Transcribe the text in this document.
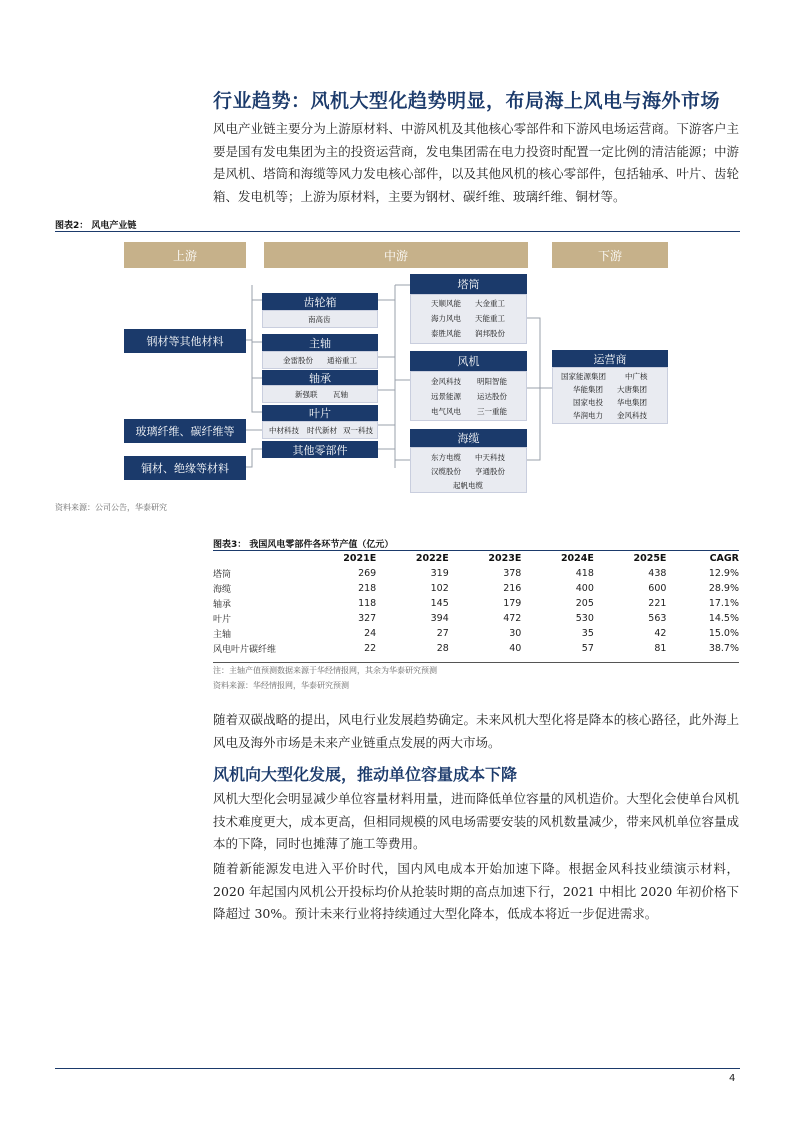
行业趋势：风机大型化趋势明显，布局海上风电与海外市场
风电产业链主要分为上游原材料、中游风机及其他核心零部件和下游风电场运营商。下游客户主要是国有发电集团为主的投资运营商，发电集团需在电力投资时配置一定比例的清洁能源；中游是风机、塔筒和海缆等风力发电核心部件，以及其他风机的核心零部件，包括轴承、叶片、齿轮箱、发电机等；上游为原材料，主要为钢材、碳纤维、玻璃纤维、铜材等。
图表2： 风电产业链
上游	中游	下游
钢材等其他材料
玻璃纤维、碳纤维等
铜材、绝缘等材料
齿轮箱
南高齿
主轴
金雷股份 通裕重工
轴承
新强联 瓦轴
叶片
中材科技 时代新材 双一科技
其他零部件
塔筒
天顺风能 大金重工
海力风电 天能重工
泰胜风能 润邦股份
风机
金风科技 明阳智能
远景能源 运达股份
电气风电 三一重能
海缆
东方电缆 中天科技
汉缆股份 亨通股份
起帆电缆
运营商
国家能源集团	中广核
华能集团 大唐集团
国家电投 华电集团
华润电力 金风科技
资料来源：公司公告，华泰研究
图表3： 我国风电零部件各环节产值（亿元）
	2021E	2022E	2023E	2024E	2025E	CAGR
塔筒	269	319	378	418	438	12.9%
海缆	218	102	216	400	600	28.9%
轴承	118	145	179	205	221	17.1%
叶片	327	394	472	530	563	14.5%
主轴	24	27	30	35	42	15.0%
风电叶片碳纤维	22	28	40	57	81	38.7%
注：主轴产值预测数据来源于华经情报网，其余为华泰研究预测
资料来源：华经情报网，华泰研究预测
随着双碳战略的提出，风电行业发展趋势确定。未来风机大型化将是降本的核心路径，此外海上风电及海外市场是未来产业链重点发展的两大市场。
风机向大型化发展，推动单位容量成本下降
风机大型化会明显减少单位容量材料用量，进而降低单位容量的风机造价。大型化会使单台风机技术难度更大，成本更高，但相同规模的风电场需要安装的风机数量减少，带来风机单位容量成本的下降，同时也摊薄了施工等费用。
随着新能源发电进入平价时代，国内风电成本开始加速下降。根据金风科技业绩演示材料，2020 年起国内风机公开投标均价从抢装时期的高点加速下行，2021 中相比 2020 年初价格下降超过 30%。预计未来行业将持续通过大型化降本，低成本将近一步促进需求。
4
